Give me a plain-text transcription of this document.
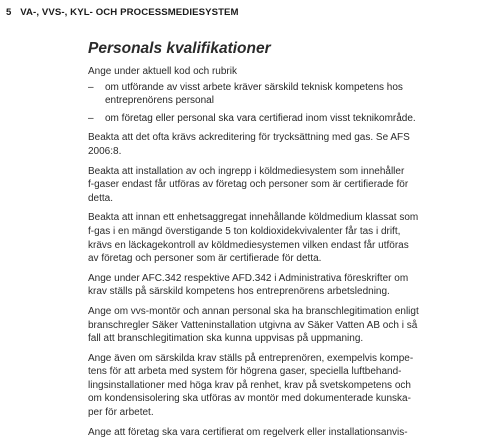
5 VA-, VVS-, KYL- OCH PROCESSMEDIESYSTEM
Personals kvalifikationer

Ange under aktuell kod och rubrik

– om utförande av visst arbete kräver särskild teknisk kompetens hos
entreprenörens personal
– om företag eller personal ska vara certifierad inom visst teknikområde.

Beakta att det ofta krävs ackreditering för trycksättning med gas. Se AFS
2006:8.

Beakta att installation av och ingrepp i köldmediesystem som innehåller
f-gaser endast får utföras av företag och personer som är certifierade för
detta.

Beakta att innan ett enhetsaggregat innehållande köldmedium klassat som
f-gas i en mängd överstigande 5 ton koldioxidekvivalenter får tas i drift,
krävs en läckagekontroll av köldmediesystemen vilken endast får utföras
av företag och personer som är certifierade för detta.

Ange under AFC.342 respektive AFD.342 i Administrativa föreskrifter om
krav ställs på särskild kompetens hos entreprenörens arbetsledning.

Ange om vvs-montör och annan personal ska ha branschlegitimation enligt
branschregler Säker Vatteninstallation utgivna av Säker Vatten AB och i så
fall att branschlegitimation ska kunna uppvisas på uppmaning.

Ange även om särskilda krav ställs på entreprenören, exempelvis kompe-
tens för att arbeta med system för högrena gaser, speciella luftbehand-
lingsinstallationer med höga krav på renhet, krav på svetskompetens och
om kondensisolering ska utföras av montör med dokumenterade kunska-
per för arbetet.

Ange att företag ska vara certifierat om regelverk eller installationsanvis-
